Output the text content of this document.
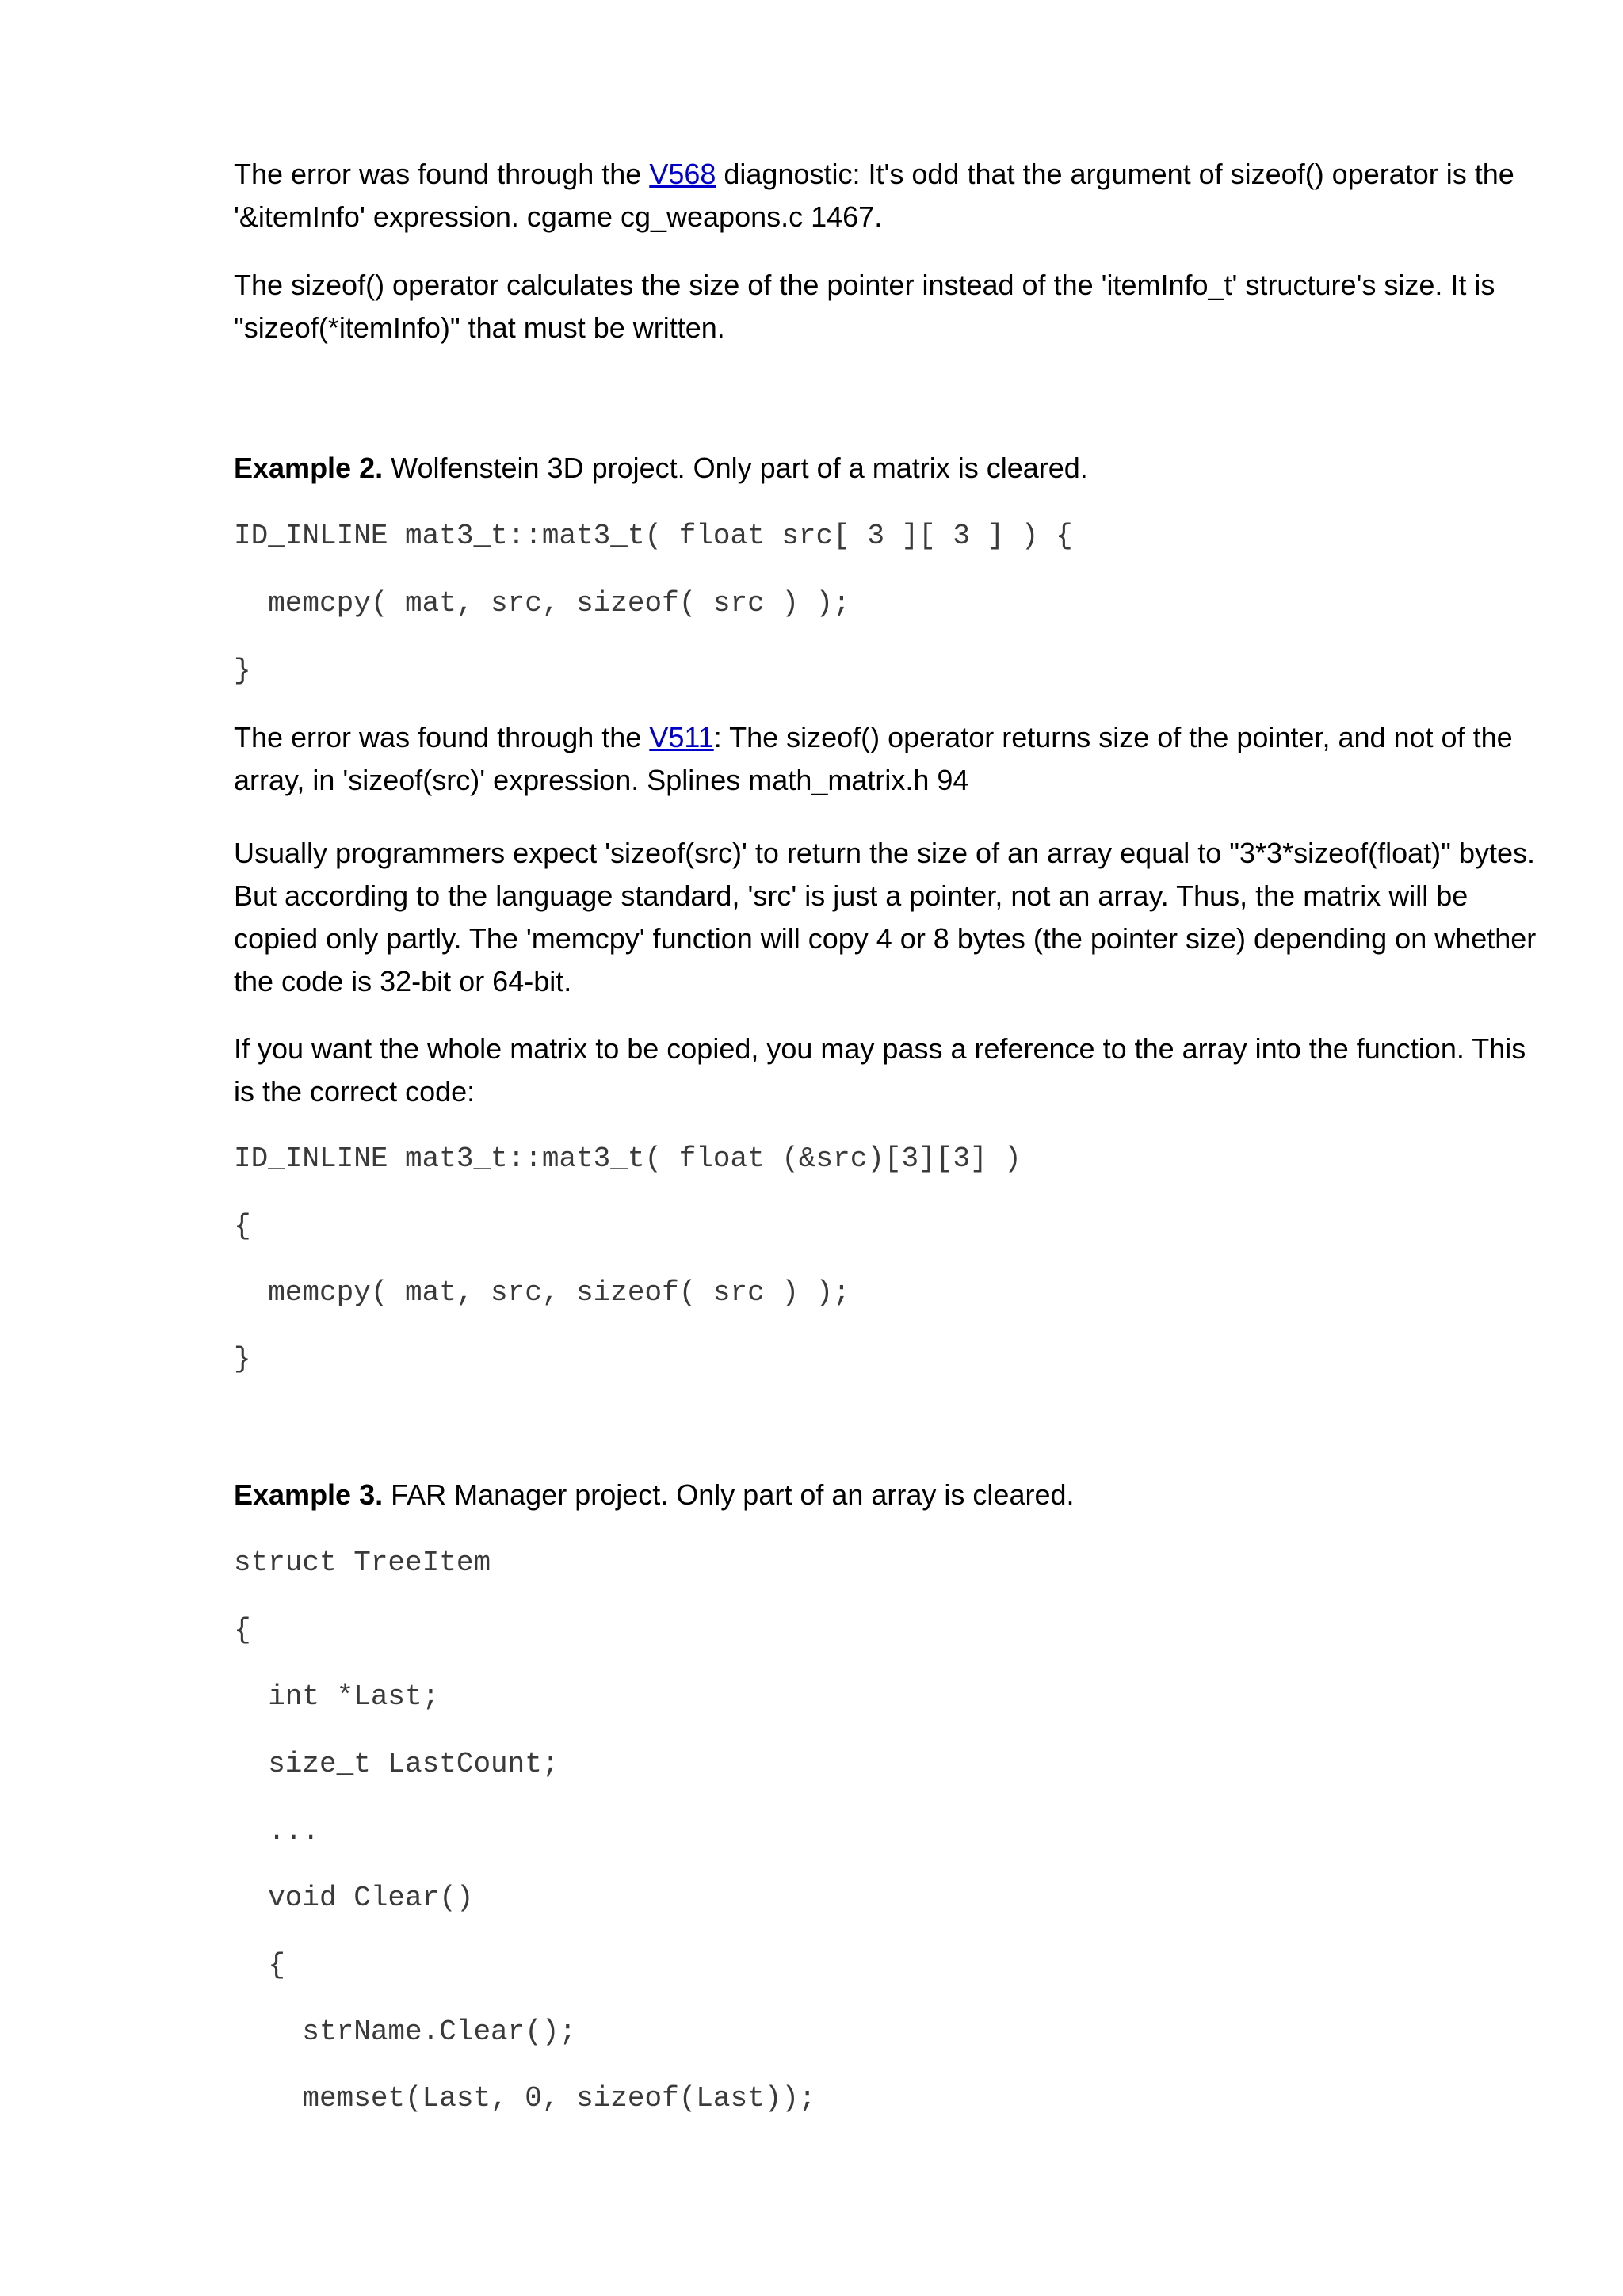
The error was found through the V568 diagnostic: It's odd that the argument of sizeof() operator is the
'&itemInfo' expression. cgame cg_weapons.c 1467.
The sizeof() operator calculates the size of the pointer instead of the 'itemInfo_t' structure's size. It is
"sizeof(*itemInfo)" that must be written.
Example 2. Wolfenstein 3D project. Only part of a matrix is cleared.
ID_INLINE mat3_t::mat3_t( float src[ 3 ][ 3 ] ) {
memcpy( mat, src, sizeof( src ) );
}
The error was found through the V511: The sizeof() operator returns size of the pointer, and not of the
array, in 'sizeof(src)' expression. Splines math_matrix.h 94
Usually programmers expect 'sizeof(src)' to return the size of an array equal to "3*3*sizeof(float)" bytes.
But according to the language standard, 'src' is just a pointer, not an array. Thus, the matrix will be
copied only partly. The 'memcpy' function will copy 4 or 8 bytes (the pointer size) depending on whether
the code is 32-bit or 64-bit.
If you want the whole matrix to be copied, you may pass a reference to the array into the function. This
is the correct code:
ID_INLINE mat3_t::mat3_t( float (&src)[3][3] )
{
memcpy( mat, src, sizeof( src ) );
}
Example 3. FAR Manager project. Only part of an array is cleared.
struct TreeItem
{
int *Last;
size_t LastCount;
...
void Clear()
{
strName.Clear();
memset(Last, 0, sizeof(Last));
